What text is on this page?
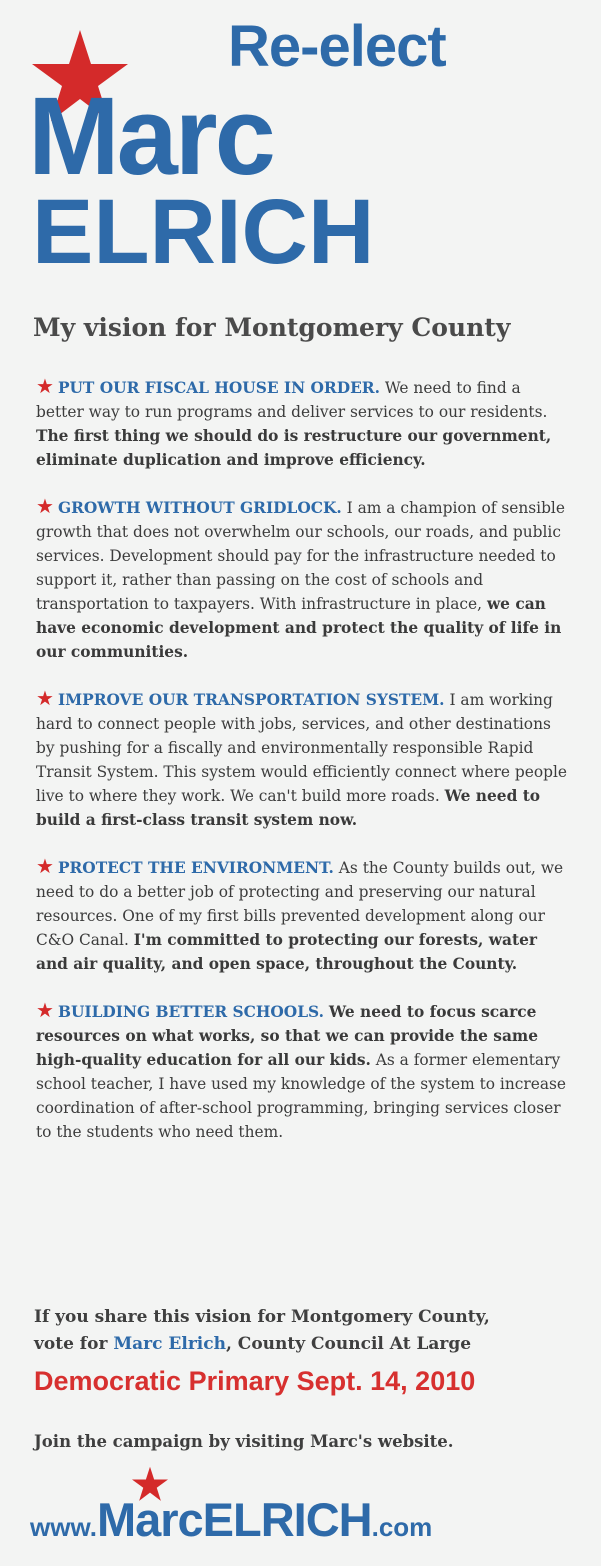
Re-elect
Marc
ELRICH
My vision for Montgomery County
★ PUT OUR FISCAL HOUSE IN ORDER. We need to find a better way to run programs and deliver services to our residents. The first thing we should do is restructure our government, eliminate duplication and improve efficiency.
★ GROWTH WITHOUT GRIDLOCK. I am a champion of sensible growth that does not overwhelm our schools, our roads, and public services. Development should pay for the infrastructure needed to support it, rather than passing on the cost of schools and transportation to taxpayers. With infrastructure in place, we can have economic development and protect the quality of life in our communities.
★ IMPROVE OUR TRANSPORTATION SYSTEM. I am working hard to connect people with jobs, services, and other destinations by pushing for a fiscally and environmentally responsible Rapid Transit System. This system would efficiently connect where people live to where they work. We can't build more roads. We need to build a first-class transit system now.
★ PROTECT THE ENVIRONMENT. As the County builds out, we need to do a better job of protecting and preserving our natural resources. One of my first bills prevented development along our C&O Canal. I'm committed to protecting our forests, water and air quality, and open space, throughout the County.
★ BUILDING BETTER SCHOOLS. We need to focus scarce resources on what works, so that we can provide the same high-quality education for all our kids. As a former elementary school teacher, I have used my knowledge of the system to increase coordination of after-school programming, bringing services closer to the students who need them.
If you share this vision for Montgomery County,
vote for Marc Elrich, County Council At Large
Democratic Primary Sept. 14, 2010
Join the campaign by visiting Marc's website.
www.MarcELRICH.com
